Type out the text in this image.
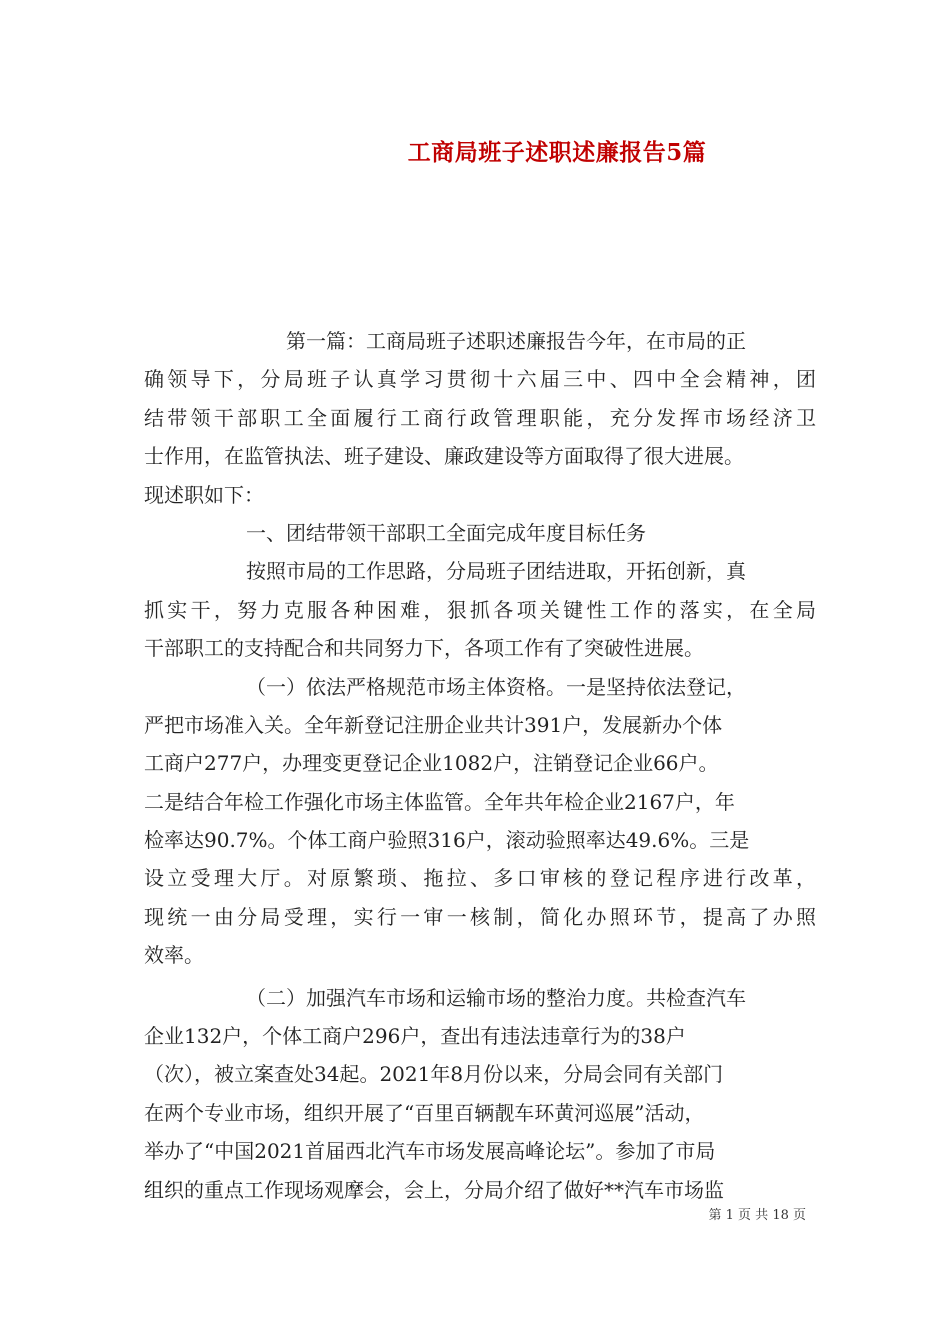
工商局班子述职述廉报告5篇
第一篇：工商局班子述职述廉报告今年，在市局的正
确领导下，分局班子认真学习贯彻十六届三中、四中全会精神，团
结带领干部职工全面履行工商行政管理职能，充分发挥市场经济卫
士作用，在监管执法、班子建设、廉政建设等方面取得了很大进展。
现述职如下：
一、团结带领干部职工全面完成年度目标任务
按照市局的工作思路，分局班子团结进取，开拓创新，真
抓实干，努力克服各种困难，狠抓各项关键性工作的落实，在全局
干部职工的支持配合和共同努力下，各项工作有了突破性进展。
（一）依法严格规范市场主体资格。一是坚持依法登记，
严把市场准入关。全年新登记注册企业共计391户，发展新办个体
工商户277户，办理变更登记企业1082户，注销登记企业66户。
二是结合年检工作强化市场主体监管。全年共年检企业2167户，年
检率达90.7%。个体工商户验照316户，滚动验照率达49.6%。三是
设立受理大厅。对原繁琐、拖拉、多口审核的登记程序进行改革，
现统一由分局受理，实行一审一核制，简化办照环节，提高了办照
效率。
（二）加强汽车市场和运输市场的整治力度。共检查汽车
企业132户，个体工商户296户，查出有违法违章行为的38户
（次），被立案查处34起。2021年8月份以来，分局会同有关部门
在两个专业市场，组织开展了“百里百辆靓车环黄河巡展”活动，
举办了“中国2021首届西北汽车市场发展高峰论坛”。参加了市局
组织的重点工作现场观摩会，会上，分局介绍了做好**汽车市场监
第 1 页 共 18 页
